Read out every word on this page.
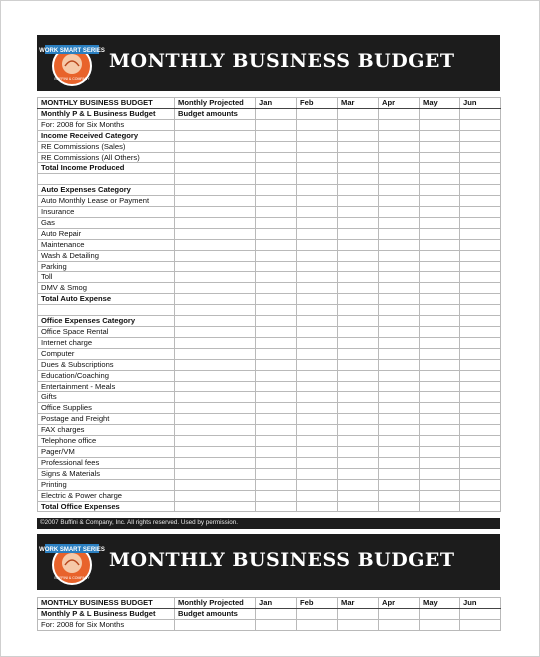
WORK SMART SERIES
BUFFINI & COMPANY
MONTHLY BUSINESS BUDGET
MONTHLY BUSINESS BUDGET	Monthly Projected	Jan	Feb	Mar	Apr	May	Jun
Monthly P & L Business Budget	Budget amounts						
For: 2008 for Six Months							
Income Received Category							
RE Commissions (Sales)							
RE Commissions (All Others)							
Total Income Produced							

Auto Expenses Category							
Auto Monthly Lease or Payment							
Insurance							
Gas							
Auto Repair							
Maintenance							
Wash & Detailing							
Parking							
Toll							
DMV & Smog							
Total Auto Expense							

Office Expenses Category							
Office Space Rental							
Internet charge							
Computer							
Dues & Subscriptions							
Education/Coaching							
Entertainment - Meals							
Gifts							
Office Supplies							
Postage and Freight							
FAX charges							
Telephone office							
Pager/VM							
Professional fees							
Signs & Materials							
Printing							
Electric & Power charge							
Total Office Expenses							
©2007 Buffini & Company, Inc. All rights reserved. Used by permission.
WORK SMART SERIES
BUFFINI & COMPANY
MONTHLY BUSINESS BUDGET
MONTHLY BUSINESS BUDGET	Monthly Projected	Jan	Feb	Mar	Apr	May	Jun
Monthly P & L Business Budget	Budget amounts						
For: 2008 for Six Months							
